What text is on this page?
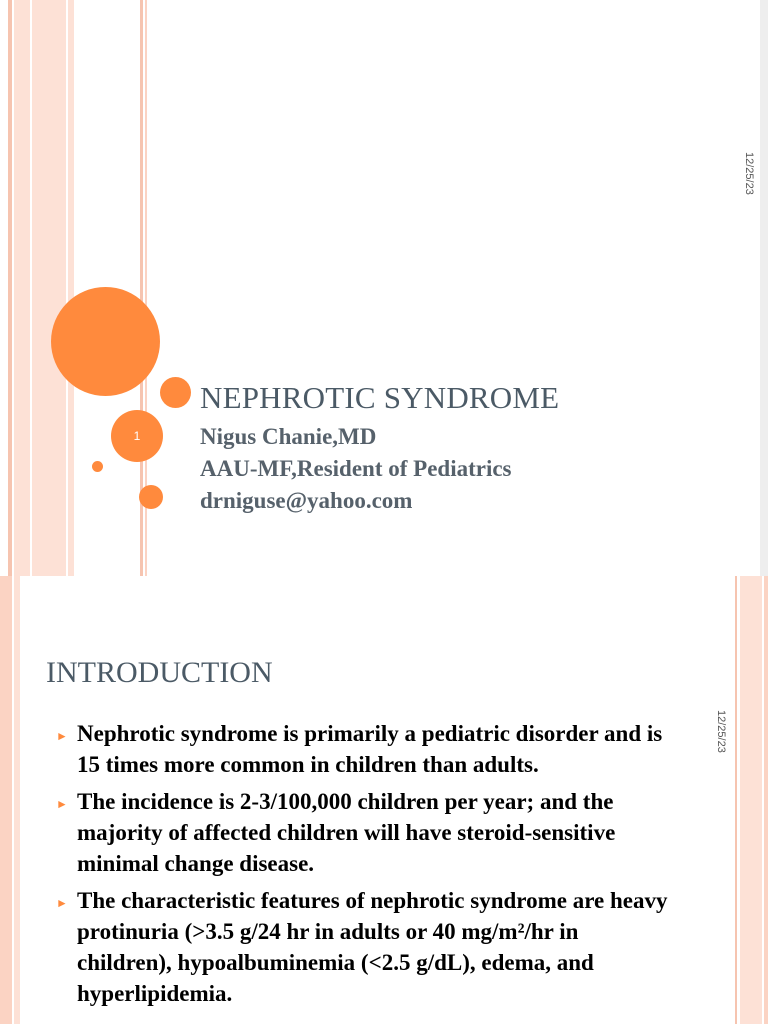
1
12/25/23
NEPHROTIC SYNDROME

Nigus Chanie,MD

AAU-MF,Resident of Pediatrics

drniguse@yahoo.com

12/25/23
INTRODUCTION
► Nephrotic syndrome is primarily a pediatric disorder and is 15 times more common in children than adults.
► The incidence is 2-3/100,000 children per year; and the majority of affected children will have steroid-sensitive minimal change disease.
► The characteristic features of nephrotic syndrome are heavy protinuria (>3.5 g/24 hr in adults or 40 mg/m²/hr in children), hypoalbuminemia (<2.5 g/dL), edema, and hyperlipidemia.
